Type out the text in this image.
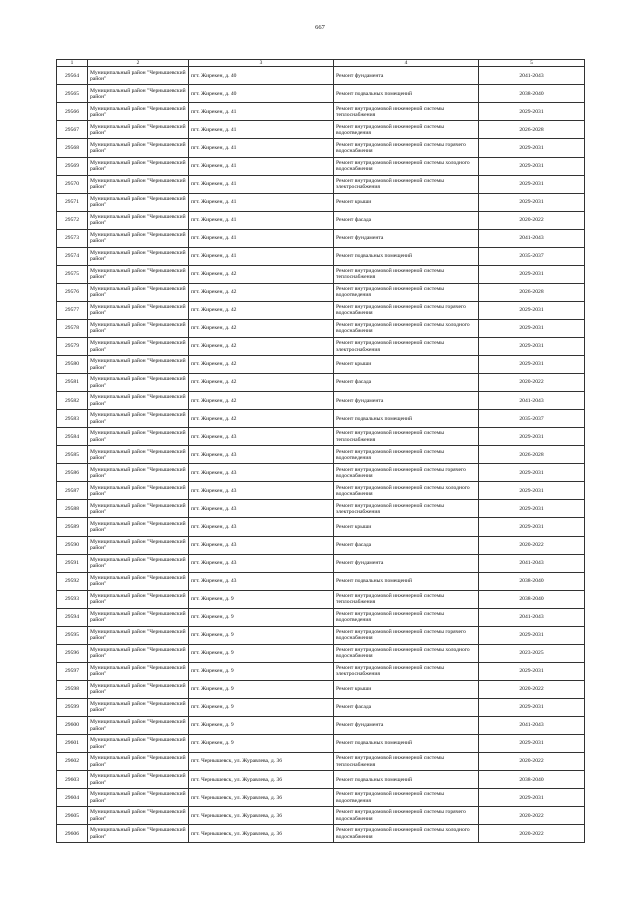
667
1	2	3	4	5
29564	Муниципальный район "Чернышевский район"	пгт. Жирекен, д. 40	Ремонт фундамента	2041-2043
29565	Муниципальный район "Чернышевский район"	пгт. Жирекен, д. 40	Ремонт подвальных помещений	2038-2040
29566	Муниципальный район "Чернышевский район"	пгт. Жирекен, д. 41	Ремонт внутридомовой инженерной системы теплоснабжения	2029-2031
29567	Муниципальный район "Чернышевский район"	пгт. Жирекен, д. 41	Ремонт внутридомовой инженерной системы водоотведения	2026-2028
29568	Муниципальный район "Чернышевский район"	пгт. Жирекен, д. 41	Ремонт внутридомовой инженерной системы горячего водоснабжения	2029-2031
29569	Муниципальный район "Чернышевский район"	пгт. Жирекен, д. 41	Ремонт внутридомовой инженерной системы холодного водоснабжения	2029-2031
29570	Муниципальный район "Чернышевский район"	пгт. Жирекен, д. 41	Ремонт внутридомовой инженерной системы электроснабжения	2029-2031
29571	Муниципальный район "Чернышевский район"	пгт. Жирекен, д. 41	Ремонт крыши	2029-2031
29572	Муниципальный район "Чернышевский район"	пгт. Жирекен, д. 41	Ремонт фасада	2020-2022
29573	Муниципальный район "Чернышевский район"	пгт. Жирекен, д. 41	Ремонт фундамента	2041-2043
29574	Муниципальный район "Чернышевский район"	пгт. Жирекен, д. 41	Ремонт подвальных помещений	2035-2037
29575	Муниципальный район "Чернышевский район"	пгт. Жирекен, д. 42	Ремонт внутридомовой инженерной системы теплоснабжения	2029-2031
29576	Муниципальный район "Чернышевский район"	пгт. Жирекен, д. 42	Ремонт внутридомовой инженерной системы водоотведения	2026-2028
29577	Муниципальный район "Чернышевский район"	пгт. Жирекен, д. 42	Ремонт внутридомовой инженерной системы горячего водоснабжения	2029-2031
29578	Муниципальный район "Чернышевский район"	пгт. Жирекен, д. 42	Ремонт внутридомовой инженерной системы холодного водоснабжения	2029-2031
29579	Муниципальный район "Чернышевский район"	пгт. Жирекен, д. 42	Ремонт внутридомовой инженерной системы электроснабжения	2029-2031
29580	Муниципальный район "Чернышевский район"	пгт. Жирекен, д. 42	Ремонт крыши	2029-2031
29581	Муниципальный район "Чернышевский район"	пгт. Жирекен, д. 42	Ремонт фасада	2020-2022
29582	Муниципальный район "Чернышевский район"	пгт. Жирекен, д. 42	Ремонт фундамента	2041-2043
29583	Муниципальный район "Чернышевский район"	пгт. Жирекен, д. 42	Ремонт подвальных помещений	2035-2037
29584	Муниципальный район "Чернышевский район"	пгт. Жирекен, д. 43	Ремонт внутридомовой инженерной системы теплоснабжения	2029-2031
29585	Муниципальный район "Чернышевский район"	пгт. Жирекен, д. 43	Ремонт внутридомовой инженерной системы водоотведения	2026-2028
29586	Муниципальный район "Чернышевский район"	пгт. Жирекен, д. 43	Ремонт внутридомовой инженерной системы горячего водоснабжения	2029-2031
29587	Муниципальный район "Чернышевский район"	пгт. Жирекен, д. 43	Ремонт внутридомовой инженерной системы холодного водоснабжения	2029-2031
29588	Муниципальный район "Чернышевский район"	пгт. Жирекен, д. 43	Ремонт внутридомовой инженерной системы электроснабжения	2029-2031
29589	Муниципальный район "Чернышевский район"	пгт. Жирекен, д. 43	Ремонт крыши	2029-2031
29590	Муниципальный район "Чернышевский район"	пгт. Жирекен, д. 43	Ремонт фасада	2020-2022
29591	Муниципальный район "Чернышевский район"	пгт. Жирекен, д. 43	Ремонт фундамента	2041-2043
29592	Муниципальный район "Чернышевский район"	пгт. Жирекен, д. 43	Ремонт подвальных помещений	2038-2040
29593	Муниципальный район "Чернышевский район"	пгт. Жирекен, д. 9	Ремонт внутридомовой инженерной системы теплоснабжения	2038-2040
29594	Муниципальный район "Чернышевский район"	пгт. Жирекен, д. 9	Ремонт внутридомовой инженерной системы водоотведения	2041-2043
29595	Муниципальный район "Чернышевский район"	пгт. Жирекен, д. 9	Ремонт внутридомовой инженерной системы горячего водоснабжения	2029-2031
29596	Муниципальный район "Чернышевский район"	пгт. Жирекен, д. 9	Ремонт внутридомовой инженерной системы холодного водоснабжения	2023-2025
29597	Муниципальный район "Чернышевский район"	пгт. Жирекен, д. 9	Ремонт внутридомовой инженерной системы электроснабжения	2029-2031
29598	Муниципальный район "Чернышевский район"	пгт. Жирекен, д. 9	Ремонт крыши	2020-2022
29599	Муниципальный район "Чернышевский район"	пгт. Жирекен, д. 9	Ремонт фасада	2029-2031
29600	Муниципальный район "Чернышевский район"	пгт. Жирекен, д. 9	Ремонт фундамента	2041-2043
29601	Муниципальный район "Чернышевский район"	пгт. Жирекен, д. 9	Ремонт подвальных помещений	2029-2031
29602	Муниципальный район "Чернышевский район"	пгт. Чернышевск, ул. Журавлева, д. 36	Ремонт внутридомовой инженерной системы теплоснабжения	2020-2022
29603	Муниципальный район "Чернышевский район"	пгт. Чернышевск, ул. Журавлева, д. 36	Ремонт подвальных помещений	2038-2040
29604	Муниципальный район "Чернышевский район"	пгт. Чернышевск, ул. Журавлева, д. 36	Ремонт внутридомовой инженерной системы водоотведения	2029-2031
29605	Муниципальный район "Чернышевский район"	пгт. Чернышевск, ул. Журавлева, д. 36	Ремонт внутридомовой инженерной системы горячего водоснабжения	2020-2022
29606	Муниципальный район "Чернышевский район"	пгт. Чернышевск, ул. Журавлева, д. 36	Ремонт внутридомовой инженерной системы холодного водоснабжения	2020-2022
